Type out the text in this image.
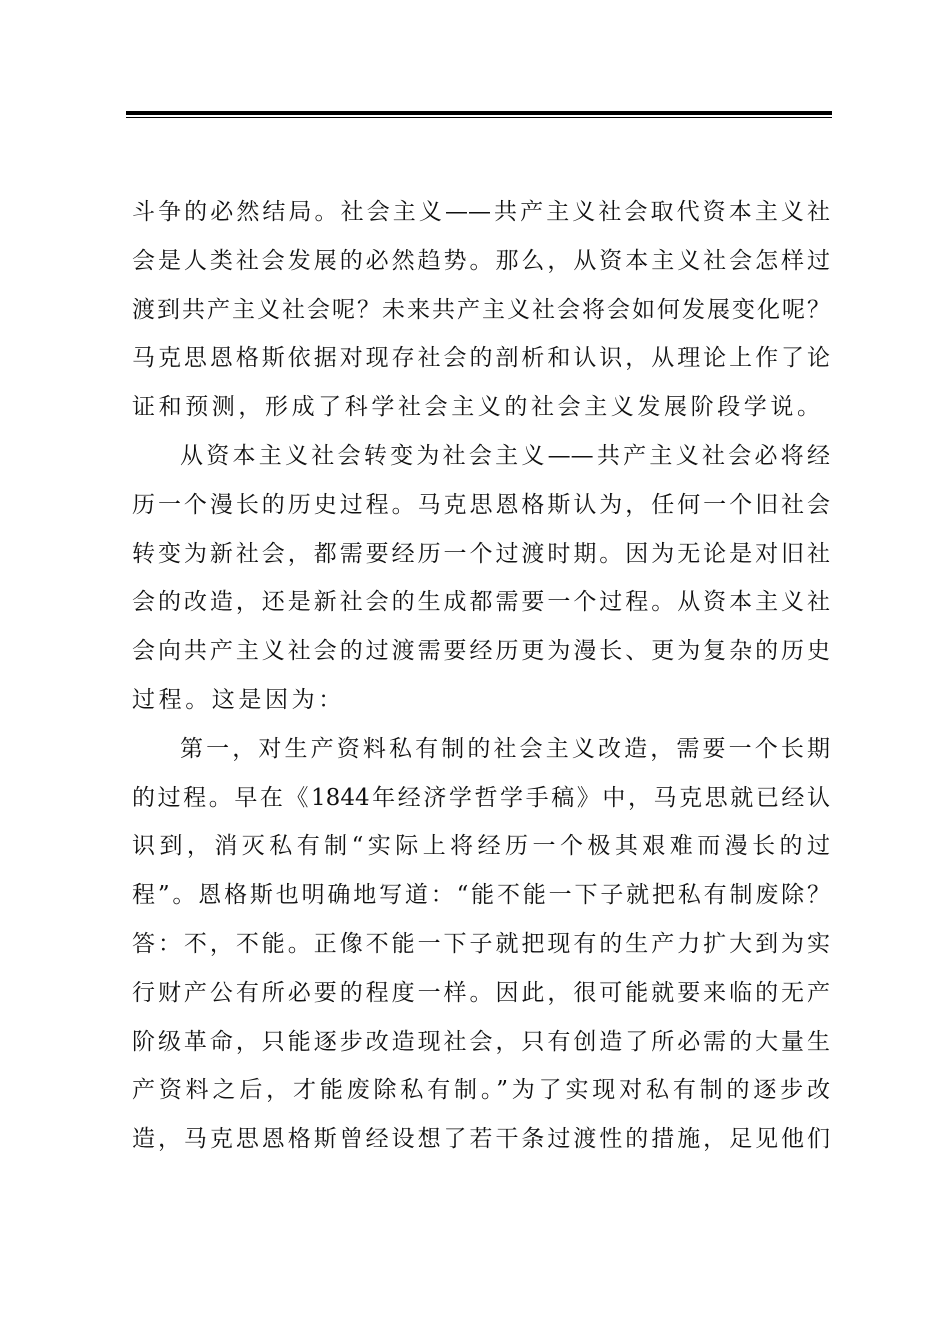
斗争的必然结局。社会主义——共产主义社会取代资本主义社
会是人类社会发展的必然趋势。那么，从资本主义社会怎样过
渡到共产主义社会呢？未来共产主义社会将会如何发展变化呢？
马克思恩格斯依据对现存社会的剖析和认识，从理论上作了论
证和预测，形成了科学社会主义的社会主义发展阶段学说。
从资本主义社会转变为社会主义——共产主义社会必将经
历一个漫长的历史过程。马克思恩格斯认为，任何一个旧社会
转变为新社会，都需要经历一个过渡时期。因为无论是对旧社
会的改造，还是新社会的生成都需要一个过程。从资本主义社
会向共产主义社会的过渡需要经历更为漫长、更为复杂的历史
过程。这是因为：
第一，对生产资料私有制的社会主义改造，需要一个长期
的过程。早在《1844年经济学哲学手稿》中，马克思就已经认
识到，消灭私有制“实际上将经历一个极其艰难而漫长的过
程”。恩格斯也明确地写道：“能不能一下子就把私有制废除？
答：不，不能。正像不能一下子就把现有的生产力扩大到为实
行财产公有所必要的程度一样。因此，很可能就要来临的无产
阶级革命，只能逐步改造现社会，只有创造了所必需的大量生
产资料之后，才能废除私有制。”为了实现对私有制的逐步改
造，马克思恩格斯曾经设想了若干条过渡性的措施，足见他们
